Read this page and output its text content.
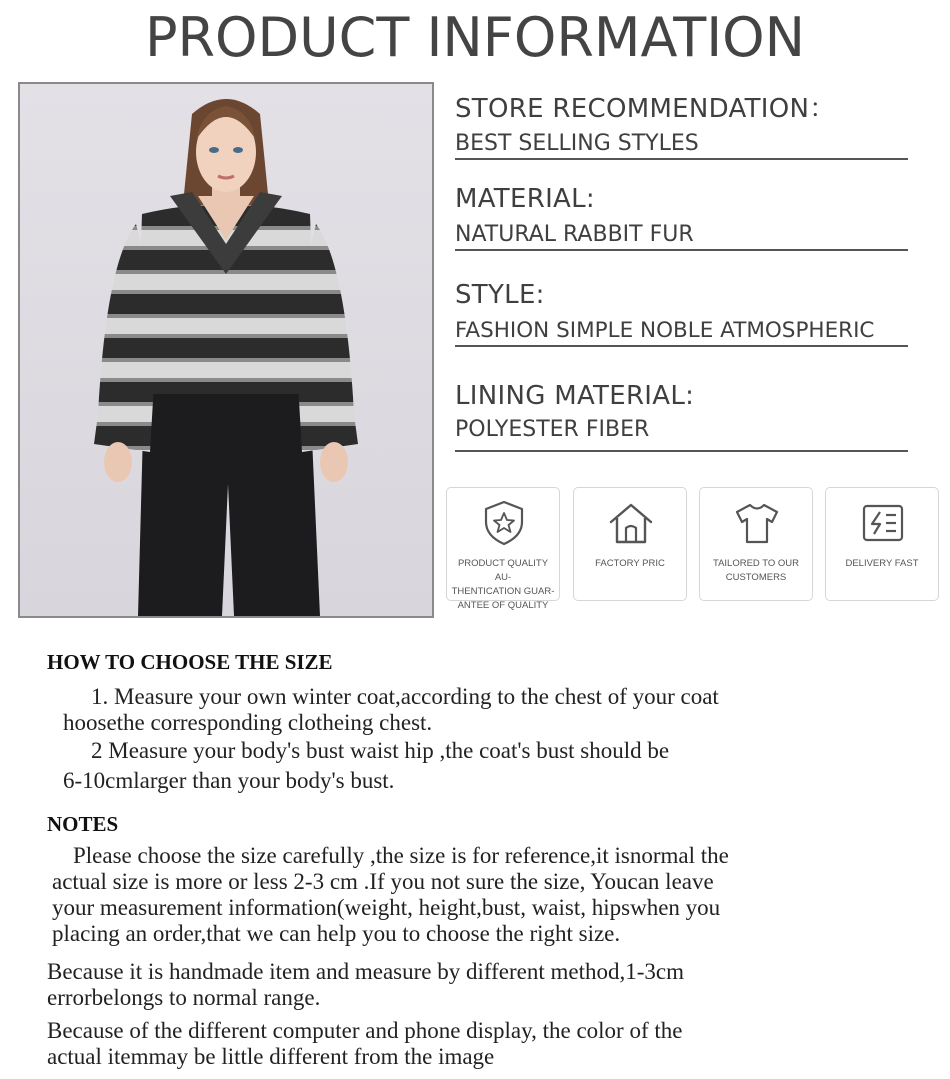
PRODUCT INFORMATION
STORE RECOMMENDATION：
BEST SELLING STYLES
MATERIAL:
NATURAL RABBIT FUR
STYLE:
FASHION SIMPLE NOBLE ATMOSPHERIC
LINING MATERIAL:
POLYESTER FIBER
PRODUCT QUALITY AU-
THENTICATION GUAR-
ANTEE OF QUALITY
FACTORY PRIC	TAILORED TO OUR
CUSTOMERS
DELIVERY FAST
HOW TO CHOOSE THE SIZE
1. Measure your own winter coat,according to the chest of your coat
hoosethe corresponding clotheing chest.
2 Measure your body's bust waist hip ,the coat's bust should be
6-10cmlarger than your body's bust.
NOTES
Please choose the size carefully ,the size is for reference,it isnormal the
actual size is more or less 2-3 cm .If you not sure the size, Youcan leave
your measurement information(weight, height,bust, waist, hipswhen you
placing an order,that we can help you to choose the right size.
Because it is handmade item and measure by different method,1-3cm
errorbelongs to normal range.
Because of the different computer and phone display, the color of the
actual itemmay be little different from the image
